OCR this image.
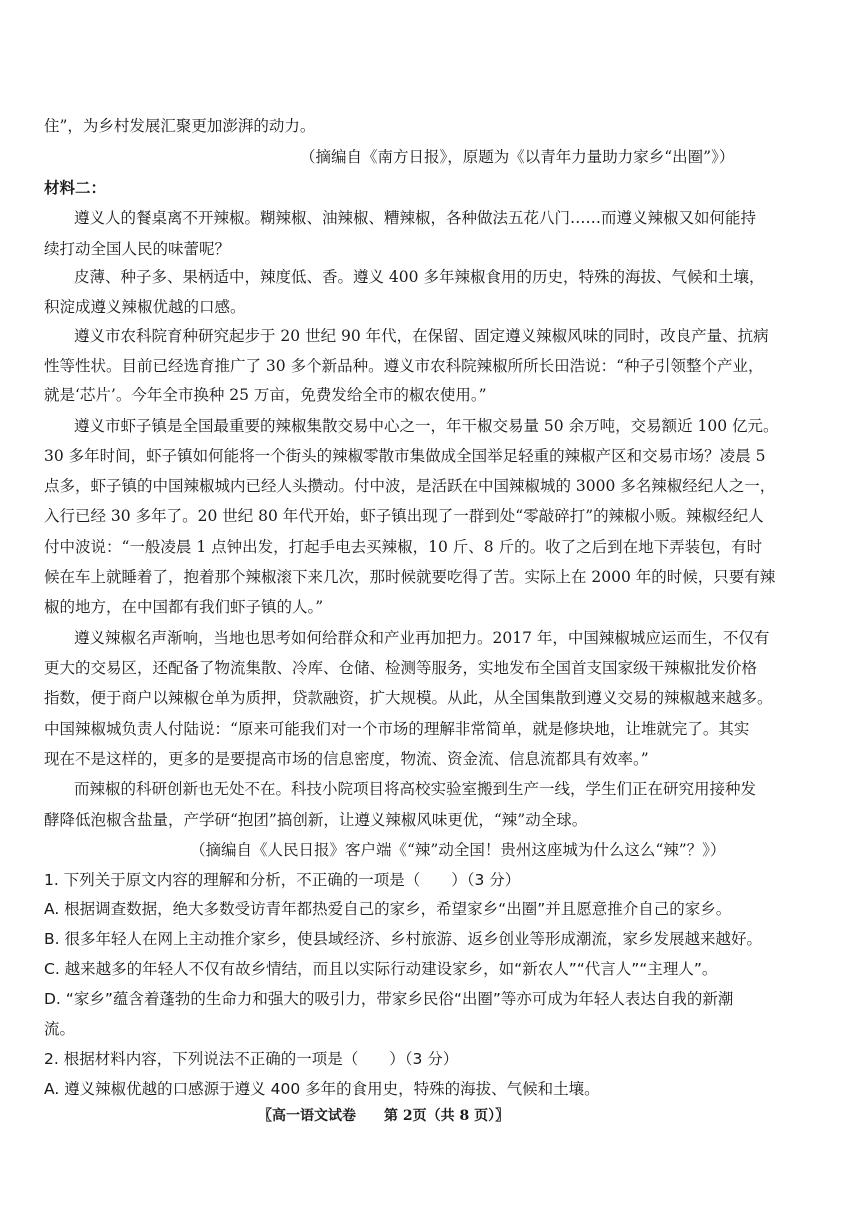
住”，为乡村发展汇聚更加澎湃的动力。
（摘编自《南方日报》，原题为《以青年力量助力家乡“出圈”》）
材料二：
遵义人的餐桌离不开辣椒。糊辣椒、油辣椒、糟辣椒，各种做法五花八门……而遵义辣椒又如何能持
续打动全国人民的味蕾呢？
皮薄、种子多、果柄适中，辣度低、香。遵义 400 多年辣椒食用的历史，特殊的海拔、气候和土壤，
积淀成遵义辣椒优越的口感。
遵义市农科院育种研究起步于 20 世纪 90 年代，在保留、固定遵义辣椒风味的同时，改良产量、抗病
性等性状。目前已经选育推广了 30 多个新品种。遵义市农科院辣椒所所长田浩说：“种子引领整个产业，
就是‘芯片’。今年全市换种 25 万亩，免费发给全市的椒农使用。”
遵义市虾子镇是全国最重要的辣椒集散交易中心之一，年干椒交易量 50 余万吨，交易额近 100 亿元。
30 多年时间，虾子镇如何能将一个街头的辣椒零散市集做成全国举足轻重的辣椒产区和交易市场？凌晨 5
点多，虾子镇的中国辣椒城内已经人头攒动。付中波，是活跃在中国辣椒城的 3000 多名辣椒经纪人之一，
入行已经 30 多年了。20 世纪 80 年代开始，虾子镇出现了一群到处“零敲碎打”的辣椒小贩。辣椒经纪人
付中波说：“一般凌晨 1 点钟出发，打起手电去买辣椒，10 斤、8 斤的。收了之后到在地下弄装包，有时
候在车上就睡着了，抱着那个辣椒滚下来几次，那时候就要吃得了苦。实际上在 2000 年的时候，只要有辣
椒的地方，在中国都有我们虾子镇的人。”
遵义辣椒名声渐响，当地也思考如何给群众和产业再加把力。2017 年，中国辣椒城应运而生，不仅有
更大的交易区，还配备了物流集散、冷库、仓储、检测等服务，实地发布全国首支国家级干辣椒批发价格
指数，便于商户以辣椒仓单为质押，贷款融资，扩大规模。从此，从全国集散到遵义交易的辣椒越来越多。
中国辣椒城负责人付陆说：“原来可能我们对一个市场的理解非常简单，就是修块地，让堆就完了。其实
现在不是这样的，更多的是要提高市场的信息密度，物流、资金流、信息流都具有效率。”
而辣椒的科研创新也无处不在。科技小院项目将高校实验室搬到生产一线，学生们正在研究用接种发
酵降低泡椒含盐量，产学研“抱团”搞创新，让遵义辣椒风味更优，“辣”动全球。
（摘编自《人民日报》客户端《“辣”动全国！贵州这座城为什么这么“辣”？》）
1. 下列关于原文内容的理解和分析，不正确的一项是（　　）（3 分）
A. 根据调查数据，绝大多数受访青年都热爱自己的家乡，希望家乡“出圈”并且愿意推介自己的家乡。
B. 很多年轻人在网上主动推介家乡，使县域经济、乡村旅游、返乡创业等形成潮流，家乡发展越来越好。
C. 越来越多的年轻人不仅有故乡情结，而且以实际行动建设家乡，如“新农人”“代言人”“主理人”。
D. “家乡”蕴含着蓬勃的生命力和强大的吸引力，带家乡民俗“出圈”等亦可成为年轻人表达自我的新潮
流。
2. 根据材料内容，下列说法不正确的一项是（　　）（3 分）
A. 遵义辣椒优越的口感源于遵义 400 多年的食用史，特殊的海拔、气候和土壤。
〖高一语文试卷　　第 2页（共 8 页）〗
